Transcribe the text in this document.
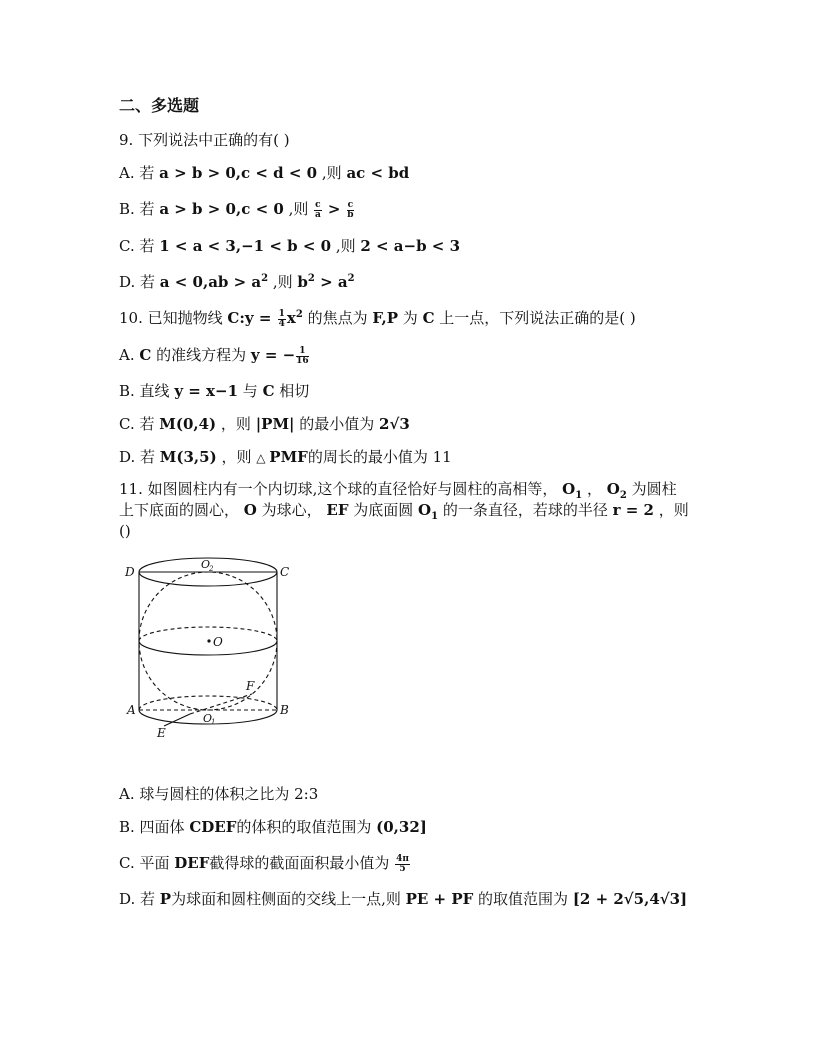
二、多选题
9. 下列说法中正确的有( )
A. 若 a > b > 0,c < d < 0 ,则 ac < bd
B. 若 a > b > 0,c < 0 ,则 $\frac{c}{a} > \frac{c}{b}$
C. 若 1 < a < 3,−1 < b < 0 ,则 2 < a−b < 3
D. 若 $a < 0,ab > a^2$ ,则 $b^2 > a^2$
10. 已知抛物线 C:y = $\frac{1}{4} x^2$ 的焦点为 F,P 为 C 上一点，下列说法正确的是( )
A. C 的准线方程为 y = − $\frac{1}{16}$
B. 直线 y = x−1 与 C 相切
C. 若 M(0,4) ，则 |PM| 的最小值为 2√3
D. 若 M(3,5) ，则 △ PMF的周长的最小值为 11
11. 如图圆柱内有一个内切球,这个球的直径恰好与圆柱的高相等， $O_1$ ， $O_2$ 为圆柱
上下底面的圆心， O 为球心， EF 为底面圆 $O_1$ 的一条直径，若球的半径 r = 2 ，则
()
D	C
O
2
O
A	B
O
1
E
F
A. 球与圆柱的体积之比为 2:3
B. 四面体 CDEF的体积的取值范围为 (0,32]
C. 平面 DEF截得球的截面面积最小值为 $\frac{4\pi}{5}$
D. 若 P为球面和圆柱侧面的交线上一点,则 PE + PF 的取值范围为 [2 + 2√5,4√3]
